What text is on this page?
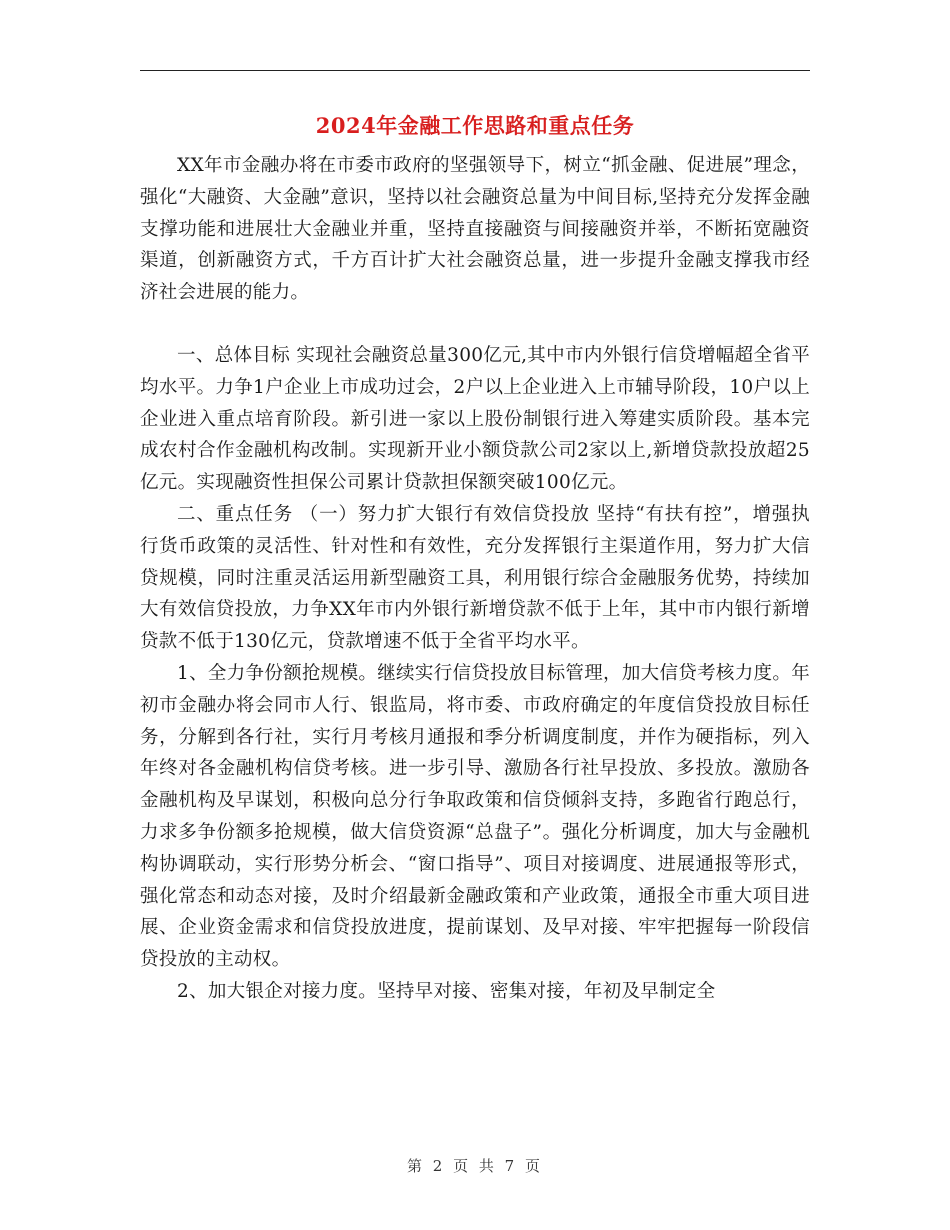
2024年金融工作思路和重点任务

XX年市金融办将在市委市政府的坚强领导下，树立“抓金融、促进展”理念，强化“大融资、大金融”意识，坚持以社会融资总量为中间目标,坚持充分发挥金融支撑功能和进展壮大金融业并重，坚持直接融资与间接融资并举，不断拓宽融资渠道，创新融资方式，千方百计扩大社会融资总量，进一步提升金融支撑我市经济社会进展的能力。

一、总体目标 实现社会融资总量300亿元,其中市内外银行信贷增幅超全省平均水平。力争1户企业上市成功过会，2户以上企业进入上市辅导阶段，10户以上企业进入重点培育阶段。新引进一家以上股份制银行进入筹建实质阶段。基本完成农村合作金融机构改制。实现新开业小额贷款公司2家以上,新增贷款投放超25亿元。实现融资性担保公司累计贷款担保额突破100亿元。

二、重点任务 （一）努力扩大银行有效信贷投放 坚持“有扶有控”，增强执行货币政策的灵活性、针对性和有效性，充分发挥银行主渠道作用，努力扩大信贷规模，同时注重灵活运用新型融资工具，利用银行综合金融服务优势，持续加大有效信贷投放，力争XX年市内外银行新增贷款不低于上年，其中市内银行新增贷款不低于130亿元，贷款增速不低于全省平均水平。

1、全力争份额抢规模。继续实行信贷投放目标管理，加大信贷考核力度。年初市金融办将会同市人行、银监局，将市委、市政府确定的年度信贷投放目标任务，分解到各行社，实行月考核月通报和季分析调度制度，并作为硬指标，列入年终对各金融机构信贷考核。进一步引导、激励各行社早投放、多投放。激励各金融机构及早谋划，积极向总分行争取政策和信贷倾斜支持，多跑省行跑总行，力求多争份额多抢规模，做大信贷资源“总盘子”。强化分析调度，加大与金融机构协调联动，实行形势分析会、“窗口指导”、项目对接调度、进展通报等形式，强化常态和动态对接，及时介绍最新金融政策和产业政策，通报全市重大项目进展、企业资金需求和信贷投放进度，提前谋划、及早对接、牢牢把握每一阶段信贷投放的主动权。

2、加大银企对接力度。坚持早对接、密集对接，年初及早制定全

第 2 页 共 7 页
